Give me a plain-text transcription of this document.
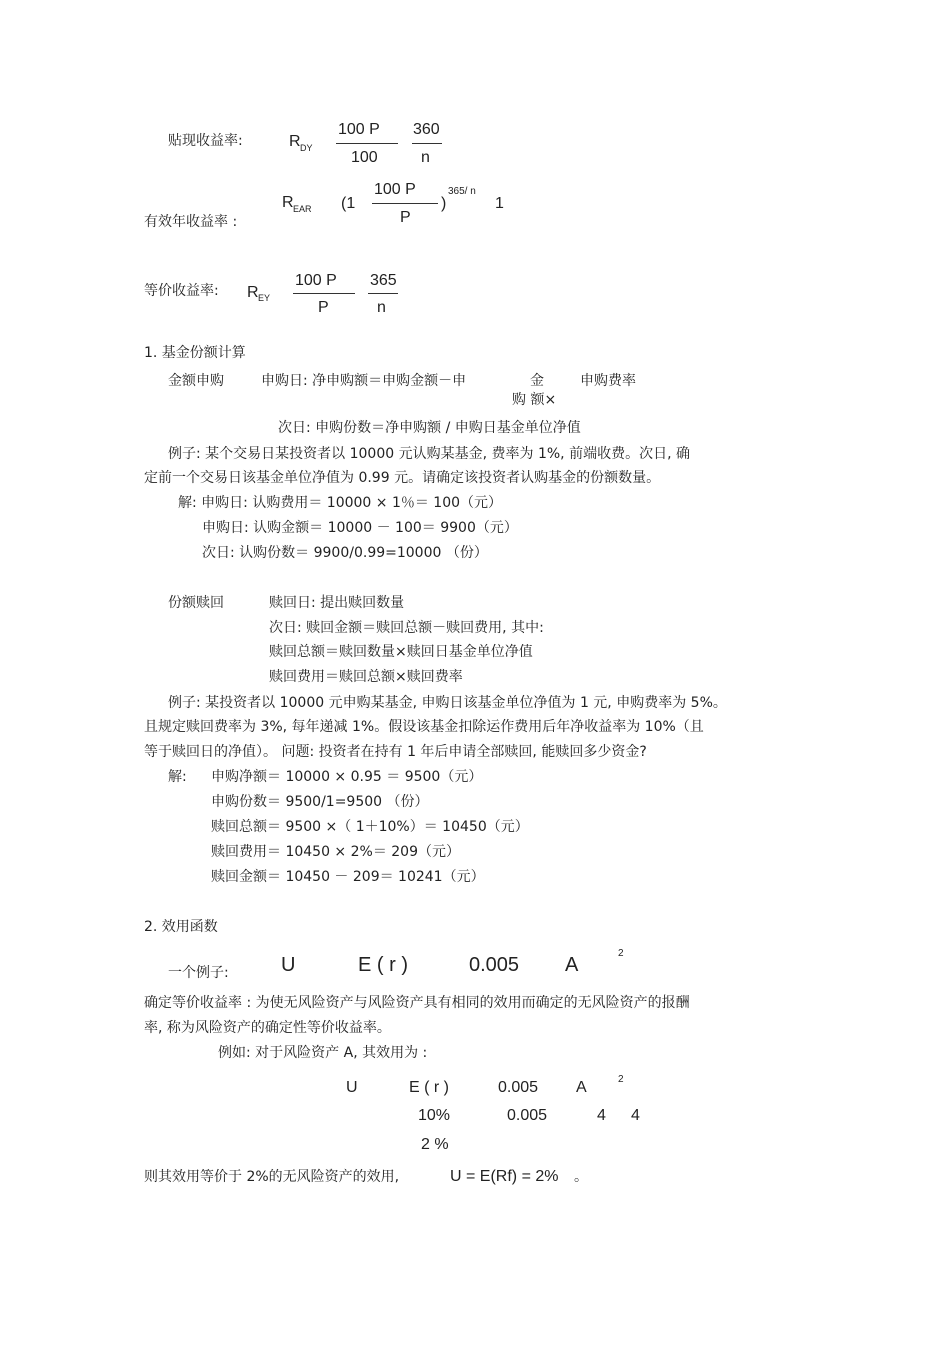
贴现收益率:	R DY
100 P
100
360
n
R EAR (1
100 P
P
)
365/ n
1
有效年收益率 :
等价收益率: R EY
100 P
P
365
n
1. 基金份额计算
金额申购	申购日: 净申购额＝申购金额－申	金	申购费率
购 额×
次日: 申购份数＝净申购额 / 申购日基金单位净值
例子: 某个交易日某投资者以 10000 元认购某基金, 费率为 1%, 前端收费。次日, 确
定前一个交易日该基金单位净值为 0.99 元。请确定该投资者认购基金的份额数量。
解: 申购日: 认购费用＝ 10000 × 1％＝ 100（元）
申购日: 认购金额＝ 10000 － 100＝ 9900（元）
次日: 认购份数＝ 9900/0.99=10000 （份）
份额赎回	赎回日: 提出赎回数量
次日: 赎回金额＝赎回总额－赎回费用, 其中:
赎回总额＝赎回数量×赎回日基金单位净值
赎回费用＝赎回总额×赎回费率
例子: 某投资者以 10000 元申购某基金, 申购日该基金单位净值为 1 元, 申购费率为 5%。
且规定赎回费率为 3%, 每年递减 1%。假设该基金扣除运作费用后年净收益率为 10%（且
等于赎回日的净值）。 问题: 投资者在持有 1 年后申请全部赎回, 能赎回多少资金?
解: 申购净额＝ 10000 × 0.95 ＝ 9500（元）
申购份数＝ 9500/1=9500 （份）
赎回总额＝ 9500 ×（ 1＋10%）＝ 10450（元）
赎回费用＝ 10450 × 2%＝ 209（元）
赎回金额＝ 10450 － 209＝ 10241（元）
2. 效用函数
一个例子:	U	E ( r )	0.005 A
2
确定等价收益率 : 为使无风险资产与风险资产具有相同的效用而确定的无风险资产的报酬
率, 称为风险资产的确定性等价收益率。
例如: 对于风险资产 A, 其效用为 :
U	E ( r )	0.005 A	2
10%	0.005	4 4
2 %
则其效用等价于 2%的无风险资产的效用,	U = E(Rf) = 2% 。
